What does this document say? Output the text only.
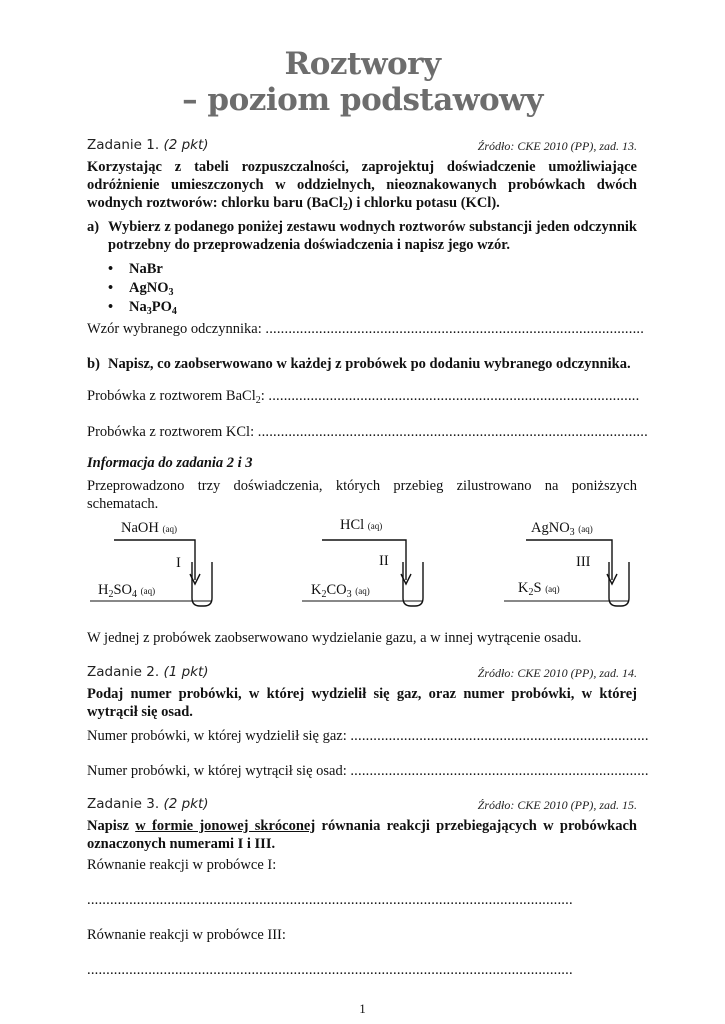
Roztwory
– poziom podstawowy
Zadanie 1. (2 pkt)	Źródło: CKE 2010 (PP), zad. 13.
Korzystając z tabeli rozpuszczalności, zaprojektuj doświadczenie umożliwiające odróżnienie umieszczonych w oddzielnych, nieoznakowanych probówkach dwóch wodnych roztworów: chlorku baru (BaCl$_2$) i chlorku potasu (KCl).
a) Wybierz z podanego poniżej zestawu wodnych roztworów substancji jeden odczynnik potrzebny do przeprowadzenia doświadczenia i napisz jego wzór.
• NaBr
• AgNO$_3$
• $Na_3PO_4$
Wzór wybranego odczynnika: ...................................................................................................
b) Napisz, co zaobserwowano w każdej z probówek po dodaniu wybranego odczynnika.
Probówka z roztworem BaCl$_2$: .................................................................................................
Probówka z roztworem KCl: ......................................................................................................
Informacja do zadania 2 i 3
Przeprowadzono trzy doświadczenia, których przebieg zilustrowano na poniższych schematach.
NaOH (aq)
I
$H_2SO_4$ (aq)
HCl (aq)
II
$K_2CO_3$ (aq)
AgNO$_3$ (aq)
III
$K_2S$ (aq)
W jednej z probówek zaobserwowano wydzielanie gazu, a w innej wytrącenie osadu.
Zadanie 2. (1 pkt)	Źródło: CKE 2010 (PP), zad. 14.
Podaj numer probówki, w której wydzielił się gaz, oraz numer probówki, w której wytrącił się osad.
Numer probówki, w której wydzielił się gaz: ..............................................................................
Numer probówki, w której wytrącił się osad: ..............................................................................
Zadanie 3. (2 pkt)	Źródło: CKE 2010 (PP), zad. 15.
Napisz w formie jonowej skróconej równania reakcji przebiegających w probówkach oznaczonych numerami I i III.
Równanie reakcji w probówce I:
...............................................................................................................................
Równanie reakcji w probówce III:
...............................................................................................................................
1
